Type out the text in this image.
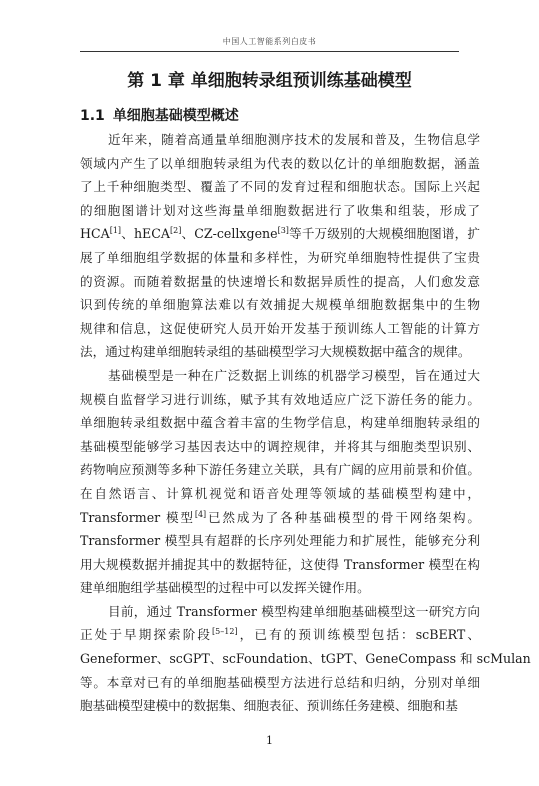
中国人工智能系列白皮书
第 1 章 单细胞转录组预训练基础模型
1.1 单细胞基础模型概述
近年来，随着高通量单细胞测序技术的发展和普及，生物信息学
领域内产生了以单细胞转录组为代表的数以亿计的单细胞数据，涵盖
了上千种细胞类型、覆盖了不同的发育过程和细胞状态。国际上兴起
的细胞图谱计划对这些海量单细胞数据进行了收集和组装，形成了
HCA[1]、hECA[2]、CZ-cellxgene[3]等千万级别的大规模细胞图谱，扩
展了单细胞组学数据的体量和多样性，为研究单细胞特性提供了宝贵
的资源。而随着数据量的快速增长和数据异质性的提高，人们愈发意
识到传统的单细胞算法难以有效捕捉大规模单细胞数据集中的生物
规律和信息，这促使研究人员开始开发基于预训练人工智能的计算方
法，通过构建单细胞转录组的基础模型学习大规模数据中蕴含的规律。
基础模型是一种在广泛数据上训练的机器学习模型，旨在通过大
规模自监督学习进行训练，赋予其有效地适应广泛下游任务的能力。
单细胞转录组数据中蕴含着丰富的生物学信息，构建单细胞转录组的
基础模型能够学习基因表达中的调控规律，并将其与细胞类型识别、
药物响应预测等多种下游任务建立关联，具有广阔的应用前景和价值。
在自然语言、计算机视觉和语音处理等领域的基础模型构建中，
Transformer 模型[4]已然成为了各种基础模型的骨干网络架构。
Transformer 模型具有超群的长序列处理能力和扩展性，能够充分利
用大规模数据并捕捉其中的数据特征，这使得 Transformer 模型在构
建单细胞组学基础模型的过程中可以发挥关键作用。
目前，通过 Transformer 模型构建单细胞基础模型这一研究方向
正处于早期探索阶段[5–12]，已有的预训练模型包括：scBERT、
Geneformer、scGPT、scFoundation、tGPT、GeneCompass 和 scMulan
等。本章对已有的单细胞基础模型方法进行总结和归纳，分别对单细
胞基础模型建模中的数据集、细胞表征、预训练任务建模、细胞和基
1
